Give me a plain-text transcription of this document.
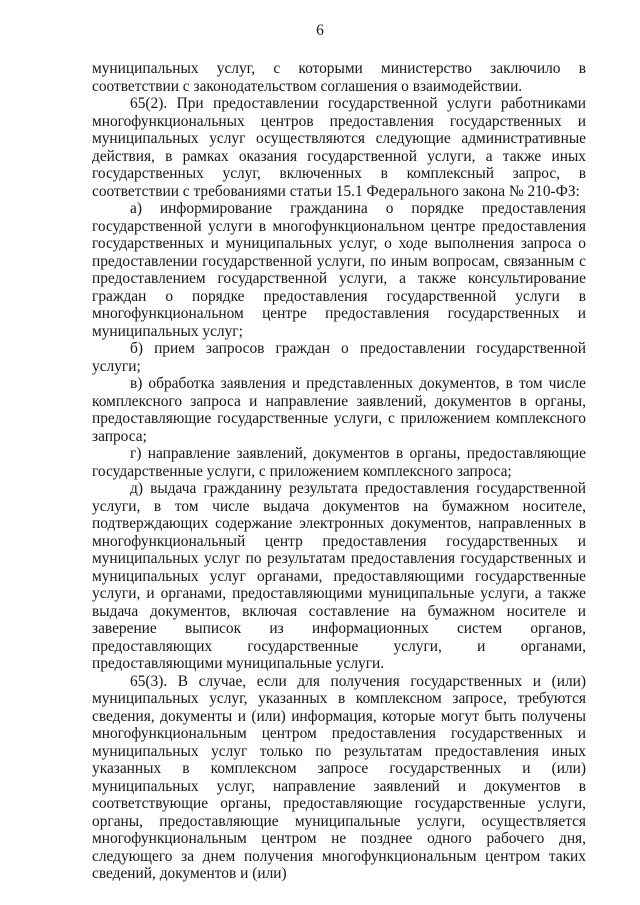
6

муниципальных услуг, с которыми министерство заключило в соответствии с законодательством соглашения о взаимодействии.

65(2). При предоставлении государственной услуги работниками многофункциональных центров предоставления государственных и муниципальных услуг осуществляются следующие административные действия, в рамках оказания государственной услуги, а также иных государственных услуг, включенных в комплексный запрос, в соответствии с требованиями статьи 15.1 Федерального закона № 210-ФЗ:

а) информирование гражданина о порядке предоставления государственной услуги в многофункциональном центре предоставления государственных и муниципальных услуг, о ходе выполнения запроса о предоставлении государственной услуги, по иным вопросам, связанным с предоставлением государственной услуги, а также консультирование граждан о порядке предоставления государственной услуги в многофункциональном центре предоставления государственных и муниципальных услуг;

б) прием запросов граждан о предоставлении государственной услуги;

в) обработка заявления и представленных документов, в том числе комплексного запроса и направление заявлений, документов в органы, предоставляющие государственные услуги, с приложением комплексного запроса;

г) направление заявлений, документов в органы, предоставляющие государственные услуги, с приложением комплексного запроса;

д) выдача гражданину результата предоставления государственной услуги, в том числе выдача документов на бумажном носителе, подтверждающих содержание электронных документов, направленных в многофункциональный центр предоставления государственных и муниципальных услуг по результатам предоставления государственных и муниципальных услуг органами, предоставляющими государственные услуги, и органами, предоставляющими муниципальные услуги, а также выдача документов, включая составление на бумажном носителе и заверение выписок из информационных систем органов, предоставляющих государственные услуги, и органами, предоставляющими муниципальные услуги.

65(3). В случае, если для получения государственных и (или) муниципальных услуг, указанных в комплексном запросе, требуются сведения, документы и (или) информация, которые могут быть получены многофункциональным центром предоставления государственных и муниципальных услуг только по результатам предоставления иных указанных в комплексном запросе государственных и (или) муниципальных услуг, направление заявлений и документов в соответствующие органы, предоставляющие государственные услуги, органы, предоставляющие муниципальные услуги, осуществляется многофункциональным центром не позднее одного рабочего дня, следующего за днем получения многофункциональным центром таких сведений, документов и (или)
